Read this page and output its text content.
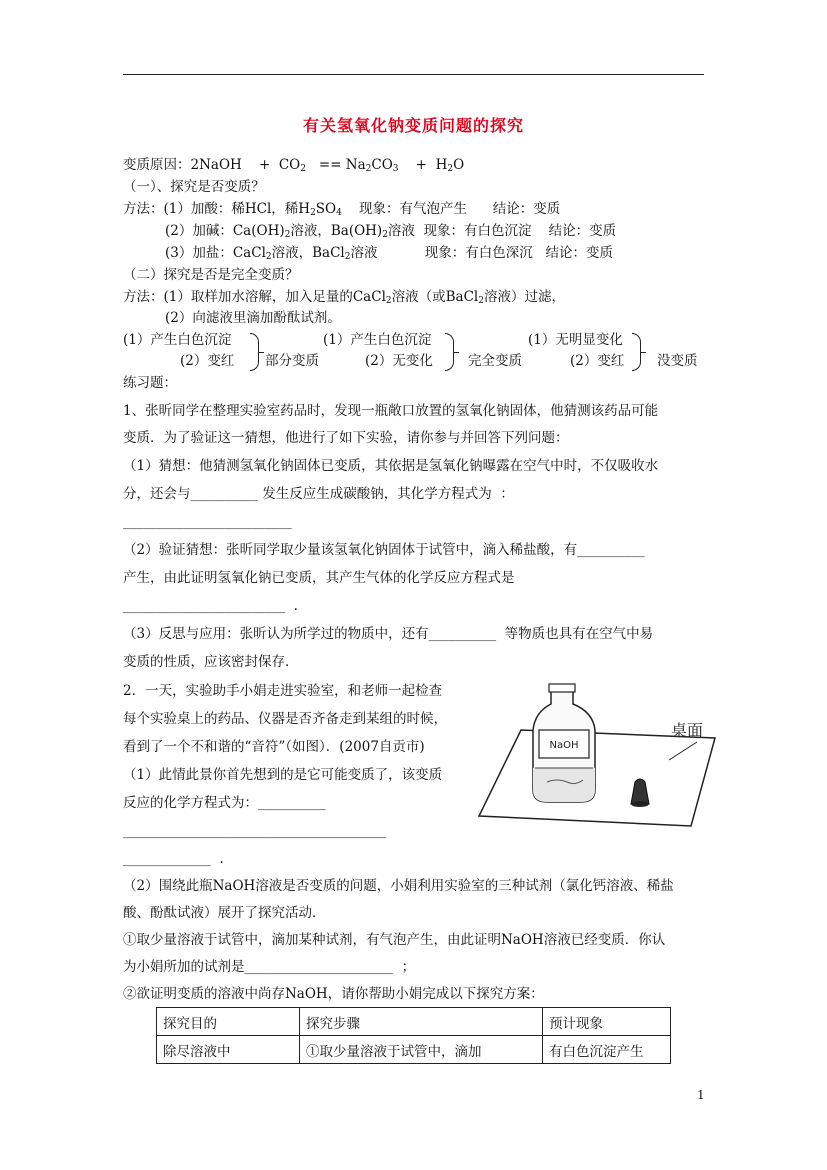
有关氢氧化钠变质问题的探究
变质原因：2NaOH    +  $CO_2 == Na_2CO_3$    +  $H_2O$
（一）、探究是否变质？
方法：(1）加酸：稀HCl，稀$H_2SO_4$    现象：有气泡产生      结论：变质
(2）加碱：$Ca(OH)_2$溶液，$Ba(OH)_2$溶液  现象：有白色沉淀    结论：变质
(3）加盐：CaCl$_2$溶液，BaCl$_2$溶液           现象：有白色深沉   结论：变质
（二）探究是否是完全变质？
方法：(1）取样加水溶解，加入足量的CaCl$_2$溶液（或BaCl$_2$溶液）过滤，
(2）向滤液里滴加酚酞试剂。
(1）产生白色沉淀
(2）变红 部分变质
(1）产生白色沉淀
(2）无变化	完全变质
(1）无明显变化
(2）变红 没变质
练习题：
1、张昕同学在整理实验室药品时，发现一瓶敞口放置的氢氧化钠固体，他猜测该药品可能
变质．为了验证这一猜想，他进行了如下实验，请你参与并回答下列问题：
（1）猜想：他猜测氢氧化钠固体已变质，其依据是氢氧化钠曝露在空气中时，不仅吸收水
分，还会与__________ 发生反应生成碳酸钠，其化学方程式为  ：
_________________________
（2）验证猜想：张昕同学取少量该氢氧化钠固体于试管中，滴入稀盐酸，有__________
产生，由此证明氢氧化钠已变质，其产生气体的化学反应方程式是
________________________  .
（3）反思与应用：张昕认为所学过的物质中，还有__________  等物质也具有在空气中易
变质的性质，应该密封保存．
2．一天，实验助手小娟走进实验室，和老师一起检查
每个实验桌上的药品、仪器是否齐备走到某组的时候，
看到了一个不和谐的“音符”（如图）．(2007自贡市)
（1）此情此景你首先想到的是它可能变质了，该变质
反应的化学方程式为：__________
_______________________________________
_____________  .
（2）围绕此瓶NaOH溶液是否变质的问题，小娟利用实验室的三种试剂（氯化钙溶液、稀盐
酸、酚酞试液）展开了探究活动．
①取少量溶液于试管中，滴加某种试剂，有气泡产生，由此证明NaOH溶液已经变质．你认
为小娟所加的试剂是______________________  ；
②欲证明变质的溶液中尚存NaOH，请你帮助小娟完成以下探究方案：
桌面
NaOH
探究目的	探究步骤	预计现象
除尽溶液中	①取少量溶液于试管中，滴加	有白色沉淀产生
1
